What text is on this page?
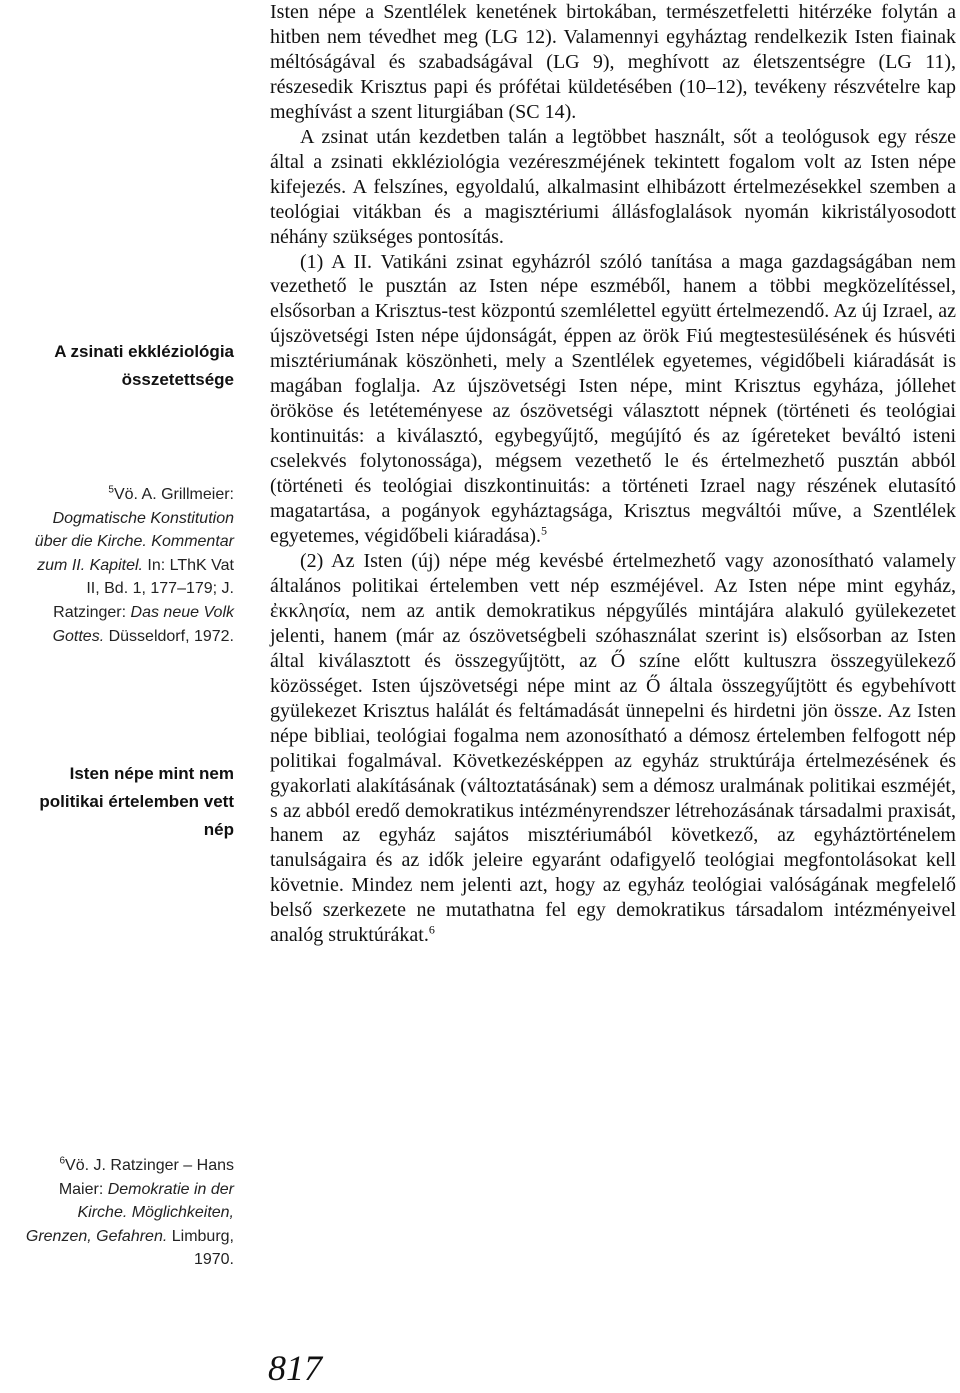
A zsinati ekkléziológia összetettsége
$^5$Vö. A. Grillmeier: Dogmatische Konstitution über die Kirche. Kommentar zum II. Kapitel. In: LThK Vat II, Bd. 1, 177–179; J. Ratzinger: Das neue Volk Gottes. Düsseldorf, 1972.
Isten népe mint nem politikai értelemben vett nép
$^6$Vö. J. Ratzinger – Hans Maier: Demokratie in der Kirche. Möglichkeiten, Grenzen, Gefahren. Limburg, 1970.

Isten népe a Szentlélek kenetének birtokában, természetfeletti hitérzéke folytán a hitben nem tévedhet meg (LG 12). Valamennyi egyháztag rendelkezik Isten fiainak méltóságával és szabadságával (LG 9), meghívott az életszentségre (LG 11), részesedik Krisztus papi és prófétai küldetésében (10–12), tevékeny részvételre kap meghívást a szent liturgiában (SC 14).

A zsinat után kezdetben talán a legtöbbet használt, sőt a teológusok egy része által a zsinati ekkléziológia vezéreszméjének tekintett fogalom volt az Isten népe kifejezés. A felszínes, egyoldalú, alkalmasint elhibázott értelmezésekkel szemben a teológiai vitákban és a magisztériumi állásfoglalások nyomán kikristályosodott néhány szükséges pontosítás.

(1) A II. Vatikáni zsinat egyházról szóló tanítása a maga gazdagságában nem vezethető le pusztán az Isten népe eszméből, hanem a többi megközelítéssel, elsősorban a Krisztus-test központú szemlélettel együtt értelmezendő. Az új Izrael, az újszövetségi Isten népe újdonságát, éppen az örök Fiú megtestesülésének és húsvéti misztériumának köszönheti, mely a Szentlélek egyetemes, végidőbeli kiáradását is magában foglalja. Az újszövetségi Isten népe, mint Krisztus egyháza, jóllehet örököse és letéteményese az ószövetségi választott népnek (történeti és teológiai kontinuitás: a kiválasztó, egybegyűjtő, megújító és az ígéreteket beváltó isteni cselekvés folytonossága), mégsem vezethető le és értelmezhető pusztán abból (történeti és teológiai diszkontinuitás: a történeti Izrael nagy részének elutasító magatartása, a pogányok egyháztagsága, Krisztus megváltói műve, a Szentlélek egyetemes, végidőbeli kiáradása).$^5$

(2) Az Isten (új) népe még kevésbé értelmezhető vagy azonosítható valamely általános politikai értelemben vett nép eszméjével. Az Isten népe mint egyház, ἐκκλησία, nem az antik demokratikus népgyűlés mintájára alakuló gyülekezetet jelenti, hanem (már az ószövetségbeli szóhasználat szerint is) elsősorban az Isten által kiválasztott és összegyűjtött, az Ő színe előtt kultuszra összegyülekező közösséget. Isten újszövetségi népe mint az Ő általa összegyűjtött és egybehívott gyülekezet Krisztus halálát és feltámadását ünnepelni és hirdetni jön össze. Az Isten népe bibliai, teológiai fogalma nem azonosítható a démosz értelemben felfogott nép politikai fogalmával. Következésképpen az egyház struktúrája értelmezésének és gyakorlati alakításának (változtatásának) sem a démosz uralmának politikai eszméjét, s az abból eredő demokratikus intézményrendszer létrehozásának társadalmi praxisát, hanem az egyház sajátos misztériumából következő, az egyháztörténelem tanulságaira és az idők jeleire egyaránt odafigyelő teológiai megfontolásokat kell követnie. Mindez nem jelenti azt, hogy az egyház teológiai valóságának megfelelő belső szerkezete ne mutathatna fel egy demokratikus társadalom intézményeivel analóg struktúrákat.$^6$

817
